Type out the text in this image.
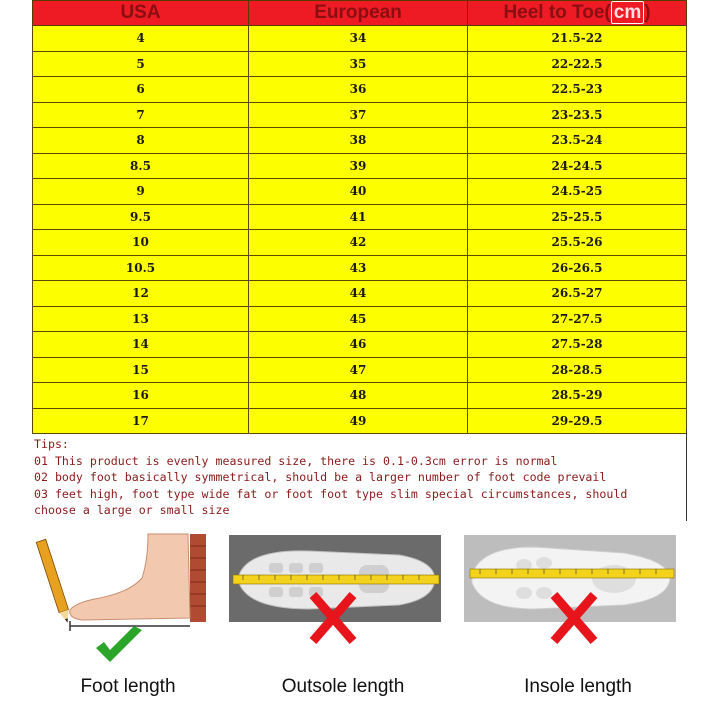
USA	European	Heel to Toe( cm )
4	34	21.5-22
5	35	22-22.5
6	36	22.5-23
7	37	23-23.5
8	38	23.5-24
8.5	39	24-24.5
9	40	24.5-25
9.5	41	25-25.5
10	42	25.5-26
10.5	43	26-26.5
12	44	26.5-27
13	45	27-27.5
14	46	27.5-28
15	47	28-28.5
16	48	28.5-29
17	49	29-29.5
Tips:
01 This product is evenly measured size, there is 0.1-0.3cm error is normal
02 body foot basically symmetrical, should be a larger number of foot code prevail
03 feet high, foot type wide fat or foot foot type slim special circumstances, should
choose a large or small size
Foot length	Outsole length	Insole length
